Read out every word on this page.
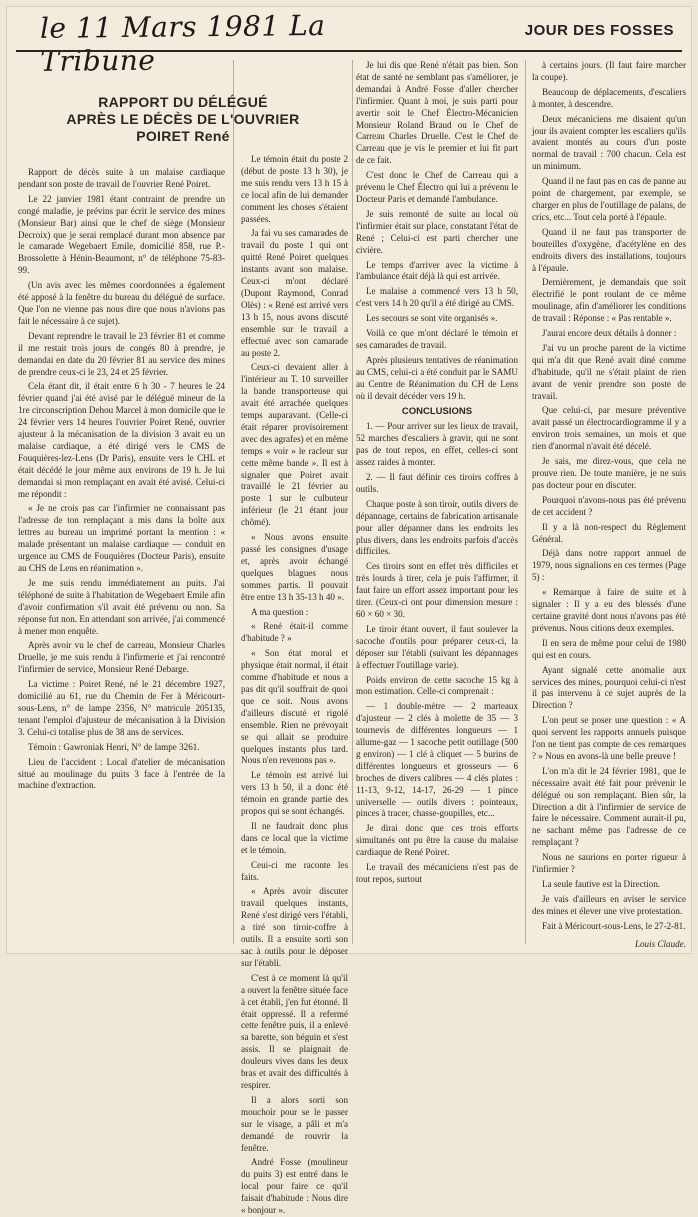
le 11 Mars 1981 La Tribune
JOUR DES FOSSES
RAPPORT DU DÉLÉGUÉ
APRÈS LE DÉCÈS DE L'OUVRIER
POIRET René

Rapport de décès suite à un malaise cardiaque pendant son poste de travail de l'ouvrier René Poiret.

Le 22 janvier 1981 étant contraint de prendre un congé maladie, je prévins par écrit le service des mines (Monsieur Bar) ainsi que le chef de siège (Monsieur Decroix) que je serai remplacé durant mon absence par le camarade Wegebaert Emile, domicilié 858, rue P.-Brossolette à Hénin-Beaumont, n° de téléphone 75-83-99.

(Un avis avec les mêmes coordonnées a également été apposé à la fenêtre du bureau du délégué de surface. Que l'on ne vienne pas nous dire que nous n'avions pas fait le nécessaire à ce sujet).

Devant reprendre le travail le 23 février 81 et comme il me restait trois jours de congés 80 à prendre, je demandai en date du 20 février 81 au service des mines de prendre ceux-ci le 23, 24 et 25 février.

Cela étant dit, il était entre 6 h 30 - 7 heures le 24 février quand j'ai été avisé par le délégué mineur de la 1re circonscription Dehou Marcel à mon domicile que le 24 février vers 14 heures l'ouvrier Poiret René, ouvrier ajusteur à la mécanisation de la division 3 avait eu un malaise cardiaque, a été dirigé vers le CMS de Fouquières-lez-Lens (Dr Paris), ensuite vers le CHL et était décédé le jour même aux environs de 19 h. Je lui demandai si mon remplaçant en avait été avisé. Celui-ci me répondit :

« Je ne crois pas car l'infirmier ne connaissant pas l'adresse de ton remplaçant a mis dans la boîte aux lettres au bureau un imprimé portant la mention : « malade présentant un malaise cardiaque — conduit en urgence au CMS de Fouquières (Docteur Paris), ensuite au CHS de Lens en réanimation ».

Je me suis rendu immédiatement au puits. J'ai téléphoné de suite à l'habitation de Wegebaert Emile afin d'avoir confirmation s'il avait été prévenu ou non. Sa réponse fut non. En attendant son arrivée, j'ai commencé à mener mon enquête.

Après avoir vu le chef de carreau, Monsieur Charles Druelle, je me suis rendu à l'infirmerie et j'ai rencontré l'infirmier de service, Monsieur René Debarge.

La victime : Poiret René, né le 21 décembre 1927, domicilié au 61, rue du Chemin de Fer à Méricourt-sous-Lens, n° de lampe 2356, N° matricule 205135, tenant l'emploi d'ajusteur de mécanisation à la Division 3. Celui-ci totalise plus de 38 ans de services.

Témoin : Gawroniak Henri, N° de lampe 3261.

Lieu de l'accident : Local d'atelier de mécanisation situé au moulinage du puits 3 face à l'entrée de la machine d'extraction.

Le témoin était du poste 2 (début de poste 13 h 30), je me suis rendu vers 13 h 15 à ce local afin de lui demander comment les choses s'étaient passées.

Ja fai vu ses camarades de travail du poste 1 qui ont quitté René Poiret quelques instants avant son malaise. Ceux-ci m'ont déclaré (Dupont Raymond, Conrad Olès) : « René est arrivé vers 13 h 15, nous avons discuté ensemble sur le travail a effectué avec son camarade au poste 2.

Ceux-ci devaient aller à l'intérieur au T. 10 surveiller la bande transporteuse qui avait été arrachée quelques temps auparavant. (Celle-ci était réparer provisoirement avec des agrafes) et en même temps « voir » le racleur sur cette même bande ». Il est à signaler que Poiret avait travaillé le 21 février au poste 1 sur le culbuteur inférieur (le 21 étant jour chômé).

« Nous avons ensuite passé les consignes d'usage et, après avoir échangé quelques blagues nous sommes partis. Il pouvait être entre 13 h 35-13 h 40 ».

A ma question :

« René était-il comme d'habitude ? »

« Son état moral et physique était normal, il était comme d'habitude et nous a pas dit qu'il souffrait de quoi que ce soit. Nous avons d'ailleurs discuté et rigolé ensemble. Rien ne prévoyait se qui allait se produire quelques instants plus tard. Nous n'en revenons pas ».

Le témoin est arrivé lui vers 13 h 50, il a donc été témoin en grande partie des propos qui se sont échangés.

Il ne faudrait donc plus dans ce local que la victime et le témoin.

Ceui-ci me raconte les faits.

« Après avoir discuter travail quelques instants, René s'est dirigé vers l'établi, a tiré son tiroir-coffre à outils. Il a ensuite sorti son sac à outils pour le déposer sur l'établi.

C'est à ce moment là qu'il a ouvert la fenêtre située face à cet établi, j'en fut étonné. Il était oppressé. Il a refermé cette fenêtre puis, il a enlevé sa barette, son béguin et s'est assis. Il se plaignait de douleurs vives dans les deux bras et avait des difficultés à respirer.

Il a alors sorti son mouchoir pour se le passer sur le visage, a pâli et m'a demandé de rouvrir la fenêtre.

André Fosse (moulineur du puits 3) est entré dans le local pour faire ce qu'il faisait d'habitude : Nous dire « bonjour ».

Je lui dis que René n'était pas bien. Son état de santé ne semblant pas s'améliorer, je demandai à André Fosse d'aller chercher l'infirmier. Quant à moi, je suis parti pour avertir soit le Chef Électro-Mécanicien Monsieur Roland Braud ou le Chef de Carreau Charles Druelle. C'est le Chef de Carreau que je vis le premier et lui fit part de ce fait.

C'est donc le Chef de Carreau qui a prévenu le Chef Électro qui lui a prévenu le Docteur Paris et demandé l'ambulance.

Je suis remonté de suite au local où l'infirmier était sur place, constatant l'état de René ; Celui-ci est parti chercher une civière.

Le temps d'arriver avec la victime à l'ambulance était déjà là qui est arrivée.

Le malaise a commencé vers 13 h 50, c'est vers 14 h 20 qu'il a été dirigé au CMS.

Les secours se sont vite organisés ».

Voilà ce que m'ont déclaré le témoin et ses camarades de travail.

Après plusieurs tentatives de réanimation au CMS, celui-ci a été conduit par le SAMU au Centre de Réanimation du CH de Lens où il devait décéder vers 19 h.

CONCLUSIONS

1. — Pour arriver sur les lieux de travail, 52 marches d'escaliers à gravir, qui ne sont pas de tout repos, en effet, celles-ci sont assez raides à monter.

2. — Il faut définir ces tiroirs coffres à outils.

Chaque poste à son tiroir, outils divers de dépannage, certains de fabrication artisanale pour aller dépanner dans les endroits les plus divers, dans les endroits parfois d'accès difficiles.

Ces tiroirs sont en effet très difficiles et très lourds à tirer, cela je puis l'affirmer, il faut faire un effort assez important pour les tirer. (Ceux-ci ont pour dimension mesure : 60 × 60 × 30.

Le tiroir étant ouvert, il faut soulever la sacoche d'outils pour préparer ceux-ci, la déposer sur l'établi (suivant les dépannages à effectuer l'outillage varie).

Poids environ de cette sacoche 15 kg à mon estimation. Celle-ci comprenait :

— 1 double-mètre — 2 marteaux d'ajusteur — 2 clés à molette de 35 — 3 tournevis de différentes longueurs — 1 allume-gaz — 1 sacoche petit outillage (500 g environ) — 1 clé à cliquet — 5 burins de différentes longueurs et grosseurs — 6 broches de divers calibres — 4 clés plates : 11-13, 9-12, 14-17, 26-29 — 1 pince universelle — outils divers : pointeaux, pinces à tracer, chasse-goupilles, etc...

Je dirai donc que ces trois efforts simultanés ont pu être la cause du malaise cardiaque de René Poiret.

Le travail des mécaniciens n'est pas de tout repos, surtout

à certains jours. (Il faut faire marcher la coupe).

Beaucoup de déplacements, d'escaliers à monter, à descendre.

Deux mécaniciens me disaient qu'un jour ils avaient compter les escaliers qu'ils avaient montés au cours d'un poste normal de travail : 700 chacun. Cela est un minimum.

Quand il ne faut pas en cas de panne au point de chargement, par exemple, se charger en plus de l'outillage de palans, de crics, etc... Tout cela porté à l'épaule.

Quand il ne faut pas transporter de bouteilles d'oxygène, d'acétylène en des endroits divers des installations, toujours à l'épaule.

Dernièrement, je demandais que soit électrifié le pont roulant de ce même moulinage, afin d'améliorer les conditions de travail : Réponse : « Pas rentable ».

J'aurai encore deux détails à donner :

J'ai vu un proche parent de la victime qui m'a dit que René avait diné comme d'habitude, qu'il ne s'était plaint de rien avant de venir prendre son poste de travail.

Que celui-ci, par mesure préventive avait passé un électrocardiogramme il y a environ trois semaines, un mois et que rien d'anormal n'avait été décelé.

Je sais, me direz-vous, que cela ne prouve rien. De toute manière, je ne suis pas docteur pour en discuter.

Pourquoi n'avons-nous pas été prévenu de cet accident ?

Il y a là non-respect du Règlement Général.

Déjà dans notre rapport annuel de 1979, nous signalions en ces termes (Page 5) :

« Remarque à faire de suite et à signaler : Il y a eu des blessés d'une certaine gravité dont nous n'avons pas été prévenus. Nous citions deux exemples.

Il en sera de même pour celui de 1980 qui est en cours.

Ayant signalé cette anomalie aux services des mines, pourquoi celui-ci n'est il pas intervenu à ce sujet auprès de la Direction ?

L'on peut se poser une question : « A quoi servent les rapports annuels puisque l'on ne tient pas compte de ces remarques ? » Nous en avons-là une belle preuve !

L'on m'a dit le 24 février 1981, que le nécessaire avait été fait pour prévenir le délégué ou son remplaçant. Bien sûr, la Direction a dit à l'infirmier de service de faire le nécessaire. Comment aurait-il pu, ne sachant même pas l'adresse de ce remplaçant ?

Nous ne saurions en porter rigueur à l'infirmier ?

La seule fautive est la Direction.

Je vais d'ailleurs en aviser le service des mines et élever une vive protestation.

Fait à Méricourt-sous-Lens, le 27-2-81.

Louis Claude.
